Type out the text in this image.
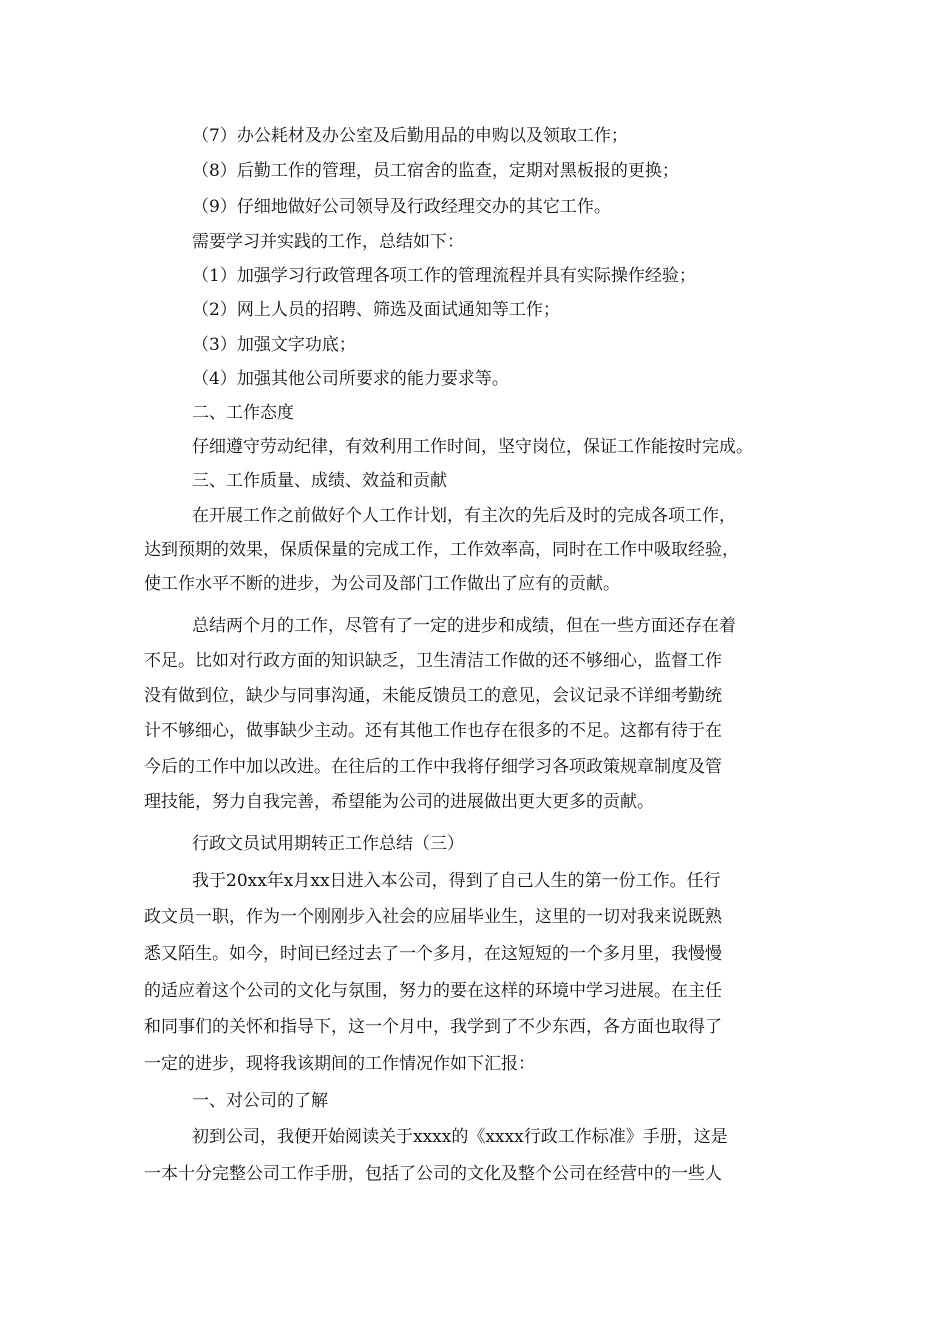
（7）办公耗材及办公室及后勤用品的申购以及领取工作；
（8）后勤工作的管理，员工宿舍的监查，定期对黑板报的更换；
（9）仔细地做好公司领导及行政经理交办的其它工作。
需要学习并实践的工作，总结如下：
（1）加强学习行政管理各项工作的管理流程并具有实际操作经验；
（2）网上人员的招聘、筛选及面试通知等工作；
（3）加强文字功底；
（4）加强其他公司所要求的能力要求等。
二、工作态度
仔细遵守劳动纪律，有效利用工作时间，坚守岗位，保证工作能按时完成。
三、工作质量、成绩、效益和贡献
在开展工作之前做好个人工作计划，有主次的先后及时的完成各项工作，
达到预期的效果，保质保量的完成工作，工作效率高，同时在工作中吸取经验，
使工作水平不断的进步，为公司及部门工作做出了应有的贡献。
总结两个月的工作，尽管有了一定的进步和成绩，但在一些方面还存在着
不足。比如对行政方面的知识缺乏，卫生清洁工作做的还不够细心，监督工作
没有做到位，缺少与同事沟通，未能反馈员工的意见，会议记录不详细考勤统
计不够细心，做事缺少主动。还有其他工作也存在很多的不足。这都有待于在
今后的工作中加以改进。在往后的工作中我将仔细学习各项政策规章制度及管
理技能，努力自我完善，希望能为公司的进展做出更大更多的贡献。
行政文员试用期转正工作总结（三）
我于20xx年x月xx日进入本公司，得到了自己人生的第一份工作。任行
政文员一职，作为一个刚刚步入社会的应届毕业生，这里的一切对我来说既熟
悉又陌生。如今，时间已经过去了一个多月，在这短短的一个多月里，我慢慢
的适应着这个公司的文化与氛围，努力的要在这样的环境中学习进展。在主任
和同事们的关怀和指导下，这一个月中，我学到了不少东西，各方面也取得了
一定的进步，现将我该期间的工作情况作如下汇报：
一、对公司的了解
初到公司，我便开始阅读关于xxxx的《xxxx行政工作标准》手册，这是
一本十分完整公司工作手册，包括了公司的文化及整个公司在经营中的一些人
